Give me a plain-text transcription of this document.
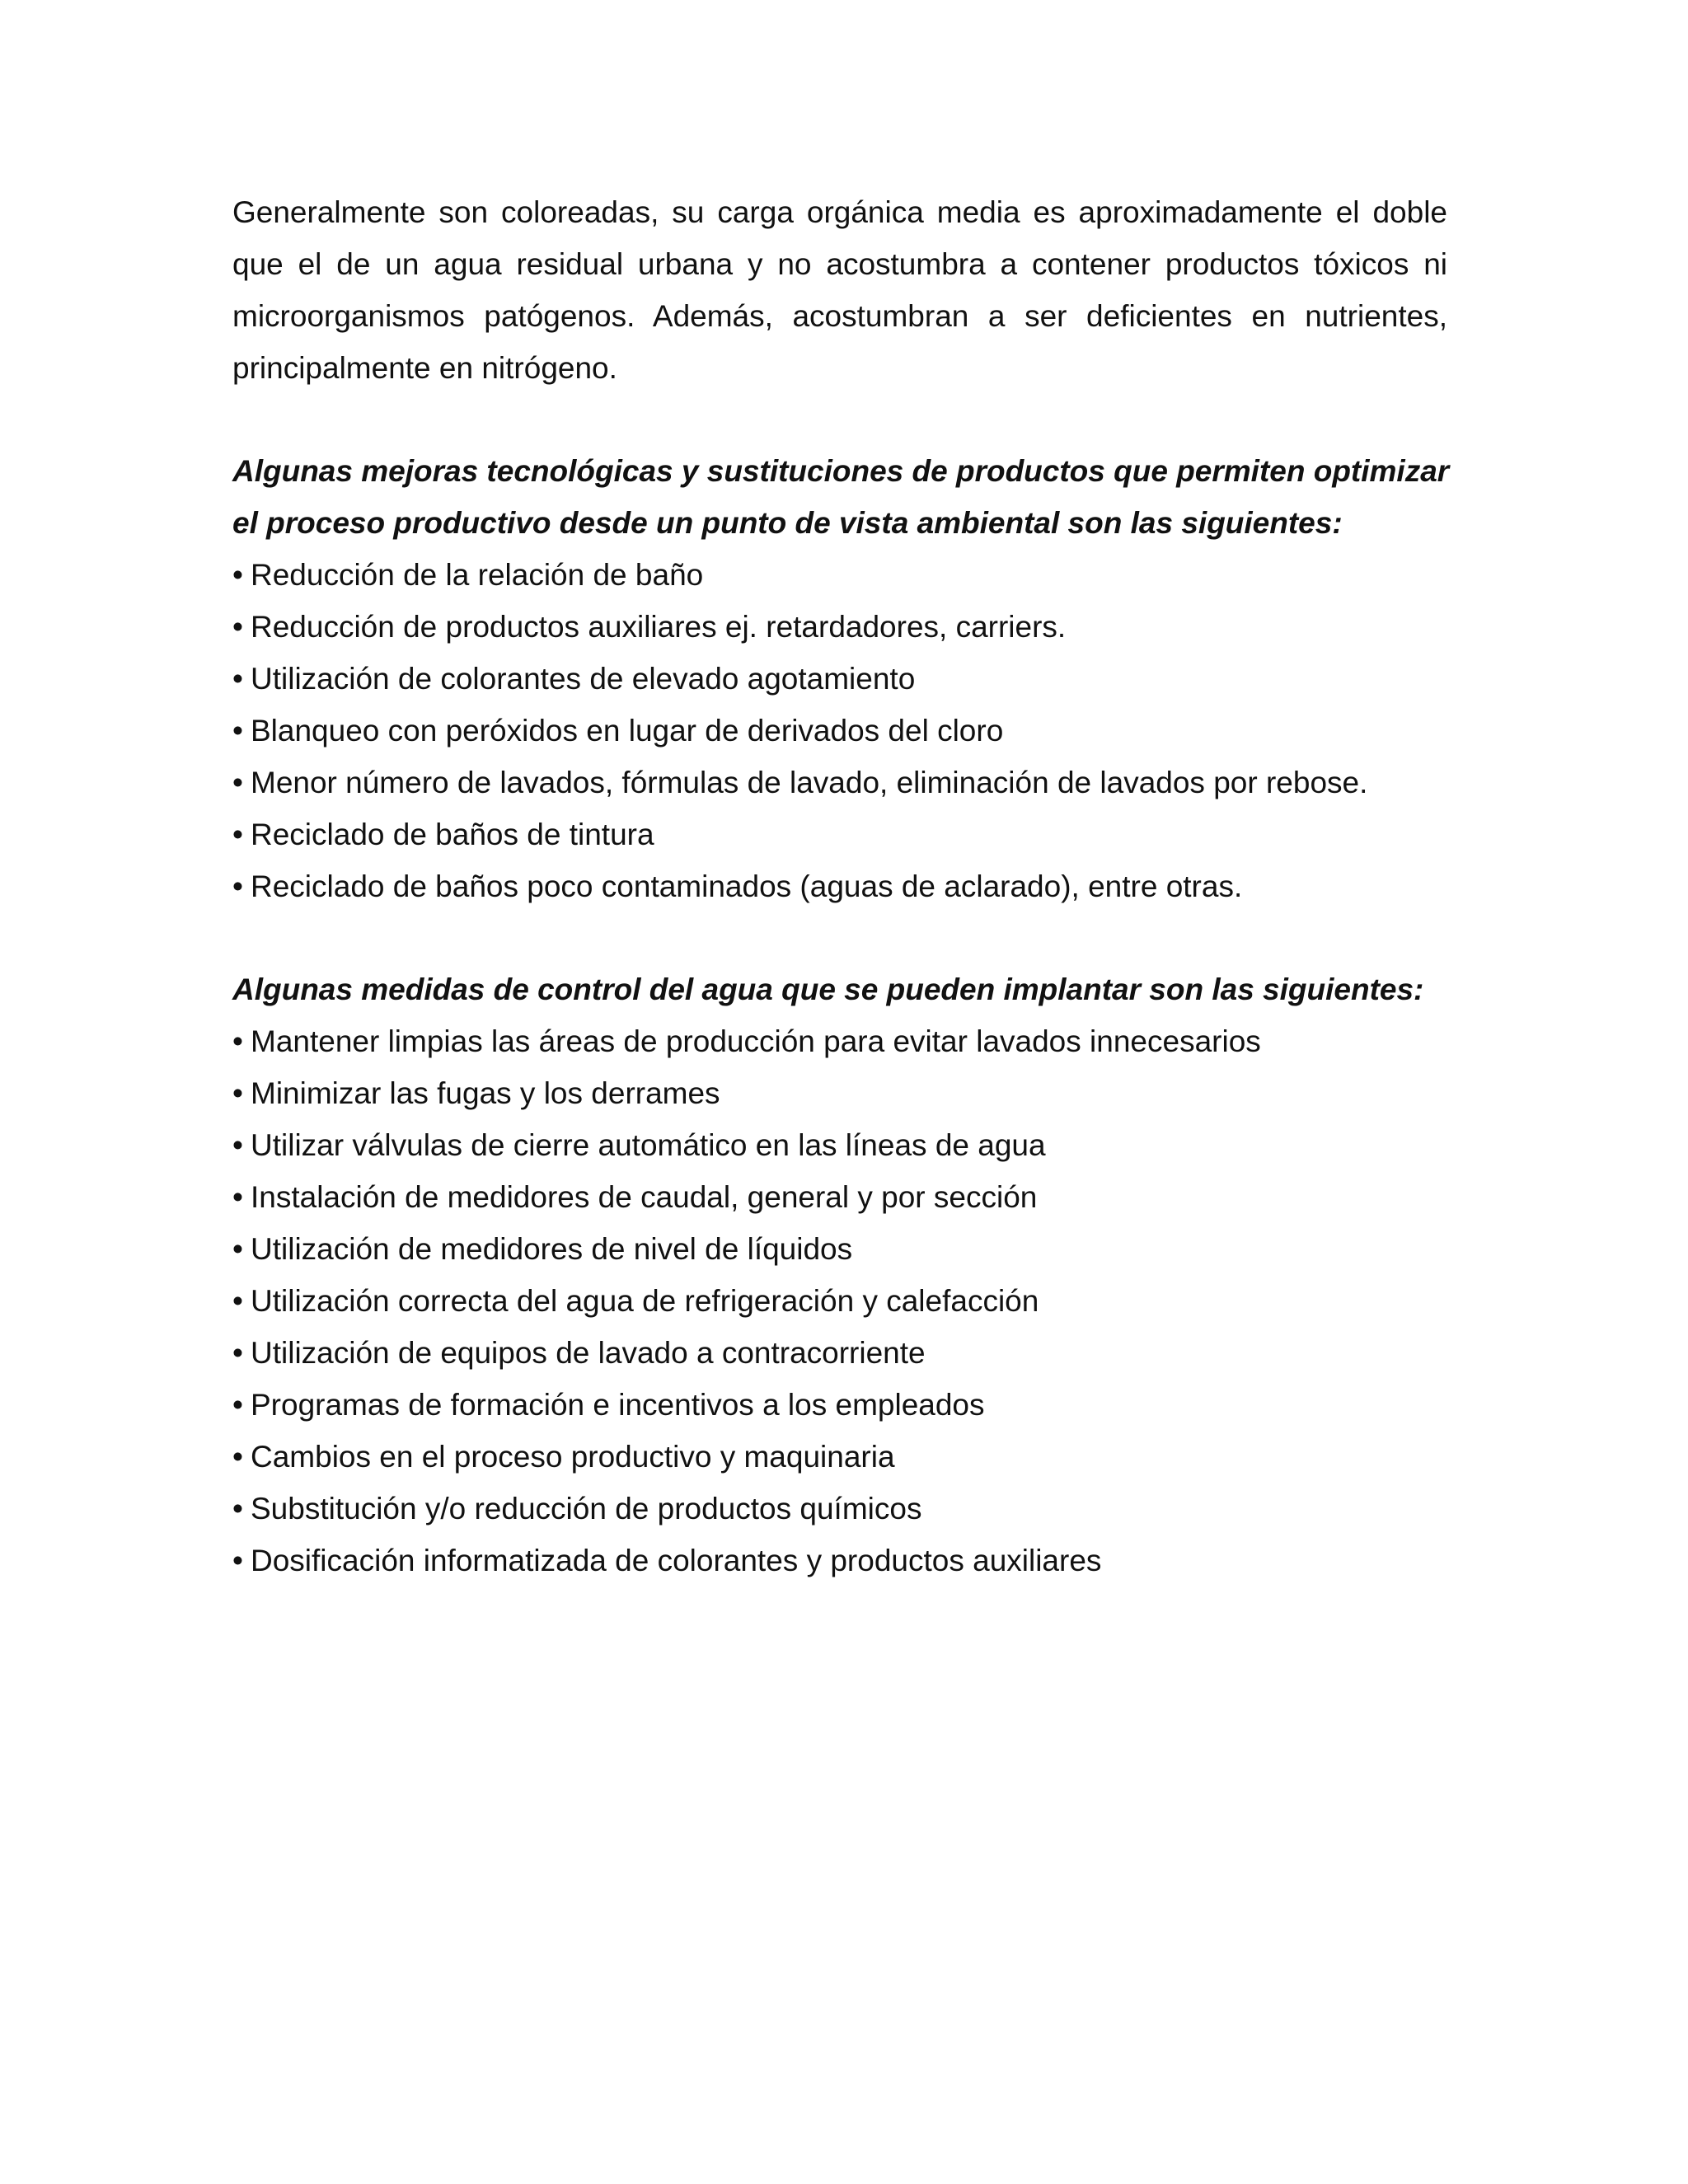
Generalmente son coloreadas, su carga orgánica media es aproximadamente el doble que el de un agua residual urbana y no acostumbra a contener productos tóxicos ni microorganismos patógenos. Además, acostumbran a ser deficientes en nutrientes, principalmente en nitrógeno.

Algunas mejoras tecnológicas y sustituciones de productos que permiten optimizar
el proceso productivo desde un punto de vista ambiental son las siguientes:
• Reducción de la relación de baño
• Reducción de productos auxiliares ej. retardadores, carriers.
• Utilización de colorantes de elevado agotamiento
• Blanqueo con peróxidos en lugar de derivados del cloro
• Menor número de lavados, fórmulas de lavado, eliminación de lavados por rebose.
• Reciclado de baños de tintura
• Reciclado de baños poco contaminados (aguas de aclarado), entre otras.
Algunas medidas de control del agua que se pueden implantar son las siguientes:
• Mantener limpias las áreas de producción para evitar lavados innecesarios
• Minimizar las fugas y los derrames
• Utilizar válvulas de cierre automático en las líneas de agua
• Instalación de medidores de caudal, general y por sección
• Utilización de medidores de nivel de líquidos
• Utilización correcta del agua de refrigeración y calefacción
• Utilización de equipos de lavado a contracorriente
• Programas de formación e incentivos a los empleados
• Cambios en el proceso productivo y maquinaria
• Substitución y/o reducción de productos químicos
• Dosificación informatizada de colorantes y productos auxiliares
